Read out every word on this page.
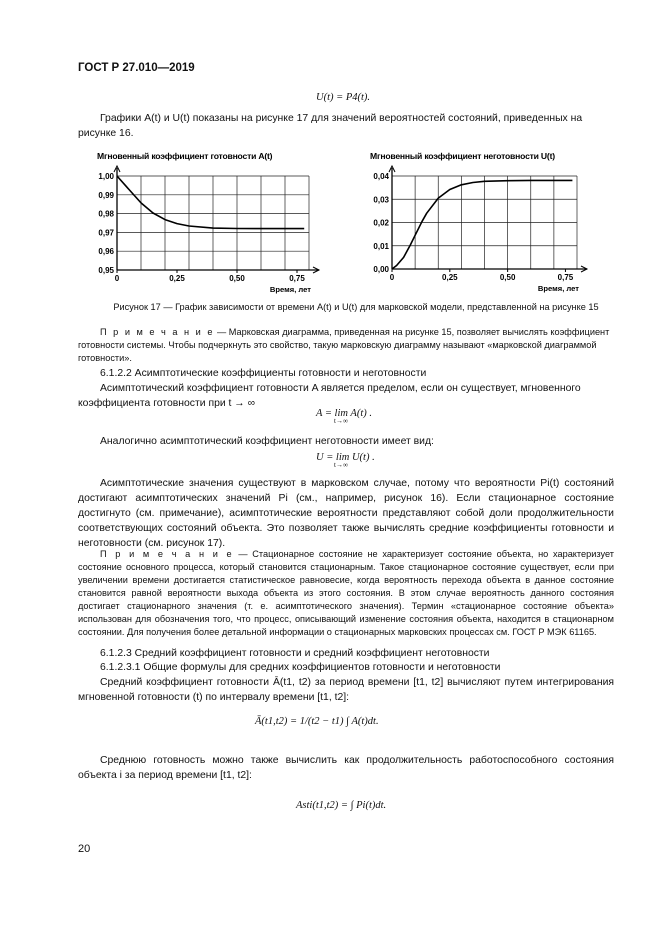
ГОСТ Р 27.010—2019
U(t) = P4(t).
Графики A(t) и U(t) показаны на рисунке 17 для значений вероятностей состояний, приведенных на рисунке 16.
Мгновенный коэффициент готовности A(t)
0,95
0,96
0,97
0,98
0,99
1,00
0	0,25	0,50	0,75
Время, лет
Мгновенный коэффициент неготовности U(t)
0,00
0,01
0,02
0,03
0,04
0	0,25	0,50	0,75
Время, лет
Рисунок 17 — График зависимости от времени A(t) и U(t) для марковской модели, представленной на рисунке 15
П р и м е ч а н и е — Марковская диаграмма, приведенная на рисунке 15, позволяет вычислять коэффициент готовности системы. Чтобы подчеркнуть это свойство, такую марковскую диаграмму называют «марковской диаграммой готовности».
6.1.2.2 Асимптотические коэффициенты готовности и неготовности
Асимптотический коэффициент готовности A является пределом, если он существует, мгновенного коэффициента готовности при t → ∞
A = lim A(t) .
t→∞
Аналогично асимптотический коэффициент неготовности имеет вид:
U = lim U(t) .
t→∞
Асимптотические значения существуют в марковском случае, потому что вероятности Pi(t) состояний достигают асимптотических значений Pi (см., например, рисунок 16). Если стационарное состояние достигнуто (см. примечание), асимптотические вероятности представляют собой доли продолжительности соответствующих состояний объекта. Это позволяет также вычислять средние коэффициенты готовности и неготовности (см. рисунок 17).
П р и м е ч а н и е — Стационарное состояние не характеризует состояние объекта, но характеризует состояние основного процесса, который становится стационарным. Такое стационарное состояние существует, если при увеличении времени достигается статистическое равновесие, когда вероятность перехода объекта в данное состояние становится равной вероятности выхода объекта из этого состояния. В этом случае вероятность данного состояния достигает стационарного значения (т. е. асимптотического значения). Термин «стационарное состояние объекта» использован для обозначения того, что процесс, описывающий изменение состояния объекта, находится в стационарном состоянии. Для получения более детальной информации о стационарных марковских процессах см. ГОСТ Р МЭК 61165.
6.1.2.3 Средний коэффициент готовности и средний коэффициент неготовности
6.1.2.3.1 Общие формулы для средних коэффициентов готовности и неготовности
Средний коэффициент готовности Ā(t1, t2) за период времени [t1, t2] вычисляют путем интегрирования мгновенной готовности (t) по интервалу времени [t1, t2]:
Ā(t1,t2) = 1/(t2 − t1) ∫ A(t)dt.
Среднюю готовность можно также вычислить как продолжительность работоспособного состояния объекта i за период времени [t1, t2]:
Asti(t1,t2) = ∫ Pi(t)dt.
20
